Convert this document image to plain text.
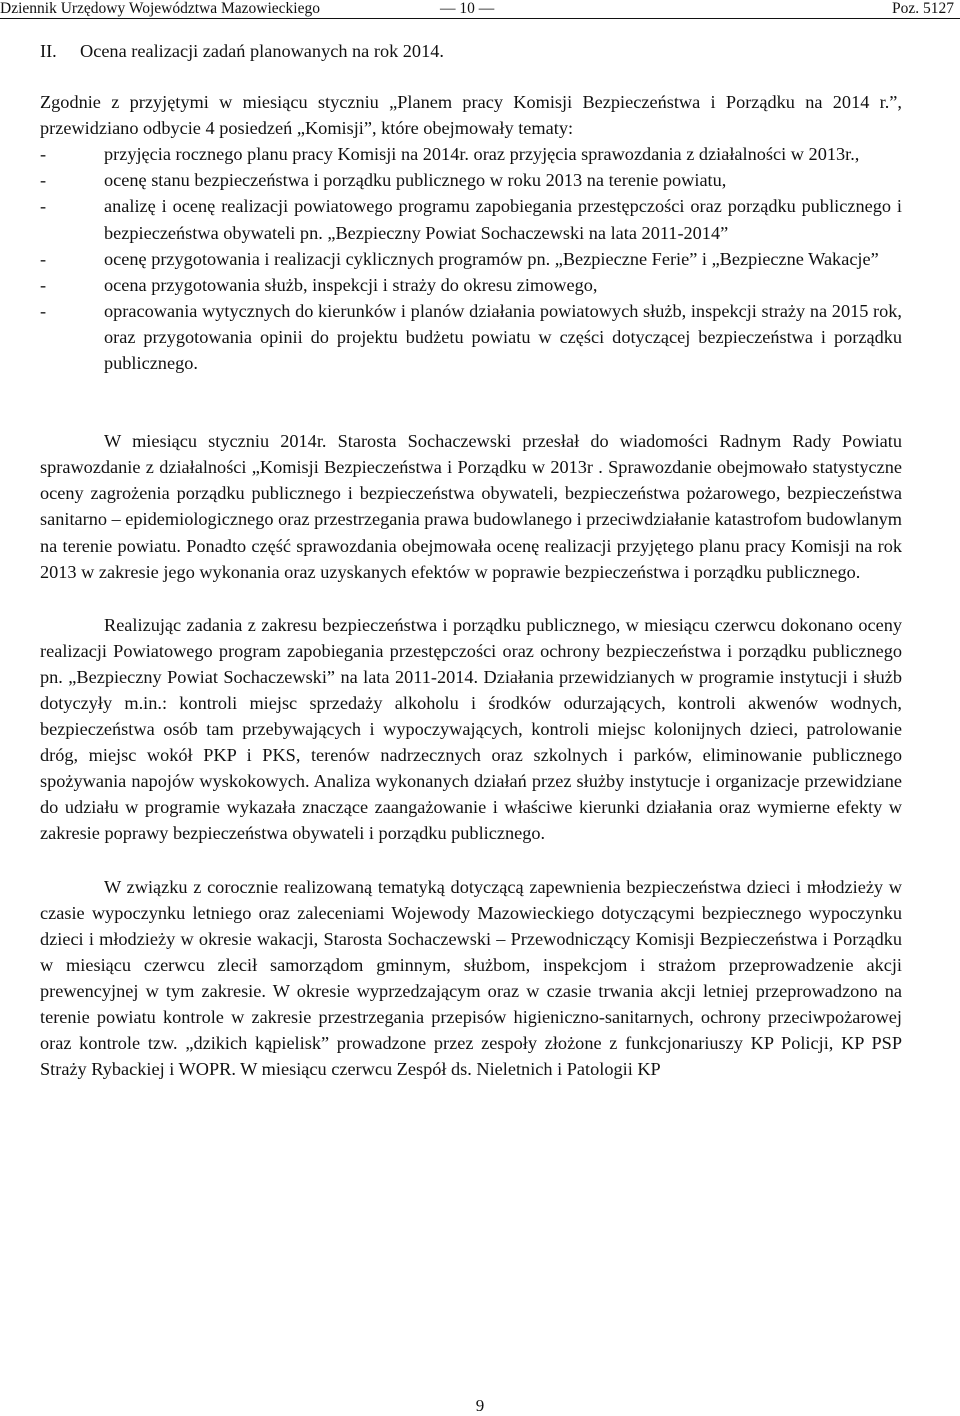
Dziennik Urzędowy Województwa Mazowieckiego	— 10 —	Poz. 5127

II. Ocena realizacji zadań planowanych na rok 2014.

Zgodnie z przyjętymi w miesiącu styczniu „Planem pracy Komisji Bezpieczeństwa i Porządku na 2014 r.”, przewidziano odbycie 4 posiedzeń „Komisji”, które obejmowały tematy:

-	przyjęcia rocznego planu pracy Komisji na 2014r. oraz przyjęcia sprawozdania z działalności w 2013r.,
-	ocenę stanu bezpieczeństwa i porządku publicznego w roku 2013 na terenie powiatu,
-	analizę i ocenę realizacji powiatowego programu zapobiegania przestępczości oraz porządku publicznego i bezpieczeństwa obywateli pn. „Bezpieczny Powiat Sochaczewski na lata 2011-2014”
-	ocenę przygotowania i realizacji cyklicznych programów pn. „Bezpieczne Ferie” i „Bezpieczne Wakacje”
-	ocena przygotowania służb, inspekcji i straży do okresu zimowego,
-	opracowania wytycznych do kierunków i planów działania powiatowych służb, inspekcji straży na 2015 rok, oraz przygotowania opinii do projektu budżetu powiatu w części dotyczącej bezpieczeństwa i porządku publicznego.

W miesiącu styczniu 2014r. Starosta Sochaczewski przesłał do wiadomości Radnym Rady Powiatu sprawozdanie z działalności „Komisji Bezpieczeństwa i Porządku w 2013r . Sprawozdanie obejmowało statystyczne oceny zagrożenia porządku publicznego i bezpieczeństwa obywateli, bezpieczeństwa pożarowego, bezpieczeństwa sanitarno – epidemiologicznego oraz przestrzegania prawa budowlanego i przeciwdziałanie katastrofom budowlanym na terenie powiatu. Ponadto część sprawozdania obejmowała ocenę realizacji przyjętego planu pracy Komisji na rok 2013 w zakresie jego wykonania oraz uzyskanych efektów w poprawie bezpieczeństwa i porządku publicznego.

Realizując zadania z zakresu bezpieczeństwa i porządku publicznego, w miesiącu czerwcu dokonano oceny realizacji Powiatowego program zapobiegania przestępczości oraz ochrony bezpieczeństwa i porządku publicznego pn. „Bezpieczny Powiat Sochaczewski” na lata 2011-2014. Działania przewidzianych w programie instytucji i służb dotyczyły m.in.: kontroli miejsc sprzedaży alkoholu i środków odurzających, kontroli akwenów wodnych, bezpieczeństwa osób tam przebywających i wypoczywających, kontroli miejsc kolonijnych dzieci, patrolowanie dróg, miejsc wokół PKP i PKS, terenów nadrzecznych oraz szkolnych i parków, eliminowanie publicznego spożywania napojów wyskokowych. Analiza wykonanych działań przez służby instytucje i organizacje przewidziane do udziału w programie wykazała znaczące zaangażowanie i właściwe kierunki działania oraz wymierne efekty w zakresie poprawy bezpieczeństwa obywateli i porządku publicznego.

W związku z corocznie realizowaną tematyką dotyczącą zapewnienia bezpieczeństwa dzieci i młodzieży w czasie wypoczynku letniego oraz zaleceniami Wojewody Mazowieckiego dotyczącymi bezpiecznego wypoczynku dzieci i młodzieży w okresie wakacji, Starosta Sochaczewski – Przewodniczący Komisji Bezpieczeństwa i Porządku w miesiącu czerwcu zlecił samorządom gminnym, służbom, inspekcjom i strażom przeprowadzenie akcji prewencyjnej w tym zakresie. W okresie wyprzedzającym oraz w czasie trwania akcji letniej przeprowadzono na terenie powiatu kontrole w zakresie przestrzegania przepisów higieniczno-sanitarnych, ochrony przeciwpożarowej oraz kontrole tzw. „dzikich kąpielisk” prowadzone przez zespoły złożone z funkcjonariuszy KP Policji, KP PSP Straży Rybackiej i WOPR. W miesiącu czerwcu Zespół ds. Nieletnich i Patologii KP

9
